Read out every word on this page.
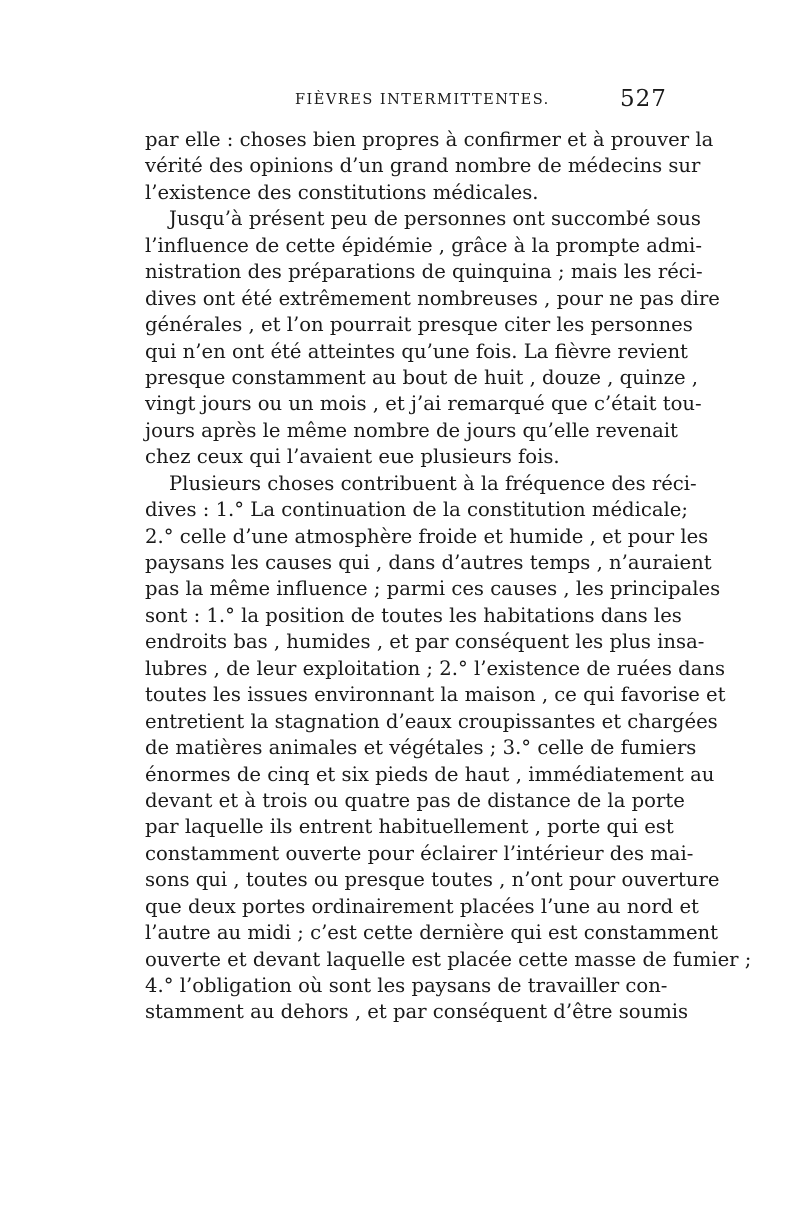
FIÈVRES INTERMITTENTES.	527
par elle : choses bien propres à confirmer et à prouver la
vérité des opinions d’un grand nombre de médecins sur
l’existence des constitutions médicales.
Jusqu’à présent peu de personnes ont succombé sous
l’influence de cette épidémie , grâce à la prompte admi-
nistration des préparations de quinquina ; mais les réci-
dives ont été extrêmement nombreuses , pour ne pas dire
générales , et l’on pourrait presque citer les personnes
qui n’en ont été atteintes qu’une fois. La fièvre revient
presque constamment au bout de huit , douze , quinze ,
vingt jours ou un mois , et j’ai remarqué que c’était tou-
jours après le même nombre de jours qu’elle revenait
chez ceux qui l’avaient eue plusieurs fois.
Plusieurs choses contribuent à la fréquence des réci-
dives : 1.° La continuation de la constitution médicale;
2.° celle d’une atmosphère froide et humide , et pour les
paysans les causes qui , dans d’autres temps , n’auraient
pas la même influence ; parmi ces causes , les principales
sont : 1.° la position de toutes les habitations dans les
endroits bas , humides , et par conséquent les plus insa-
lubres , de leur exploitation ; 2.° l’existence de ruées dans
toutes les issues environnant la maison , ce qui favorise et
entretient la stagnation d’eaux croupissantes et chargées
de matières animales et végétales ; 3.° celle de fumiers
énormes de cinq et six pieds de haut , immédiatement au
devant et à trois ou quatre pas de distance de la porte
par laquelle ils entrent habituellement , porte qui est
constamment ouverte pour éclairer l’intérieur des mai-
sons qui , toutes ou presque toutes , n’ont pour ouverture
que deux portes ordinairement placées l’une au nord et
l’autre au midi ; c’est cette dernière qui est constamment
ouverte et devant laquelle est placée cette masse de fumier ;
4.° l’obligation où sont les paysans de travailler con-
stamment au dehors , et par conséquent d’être soumis
